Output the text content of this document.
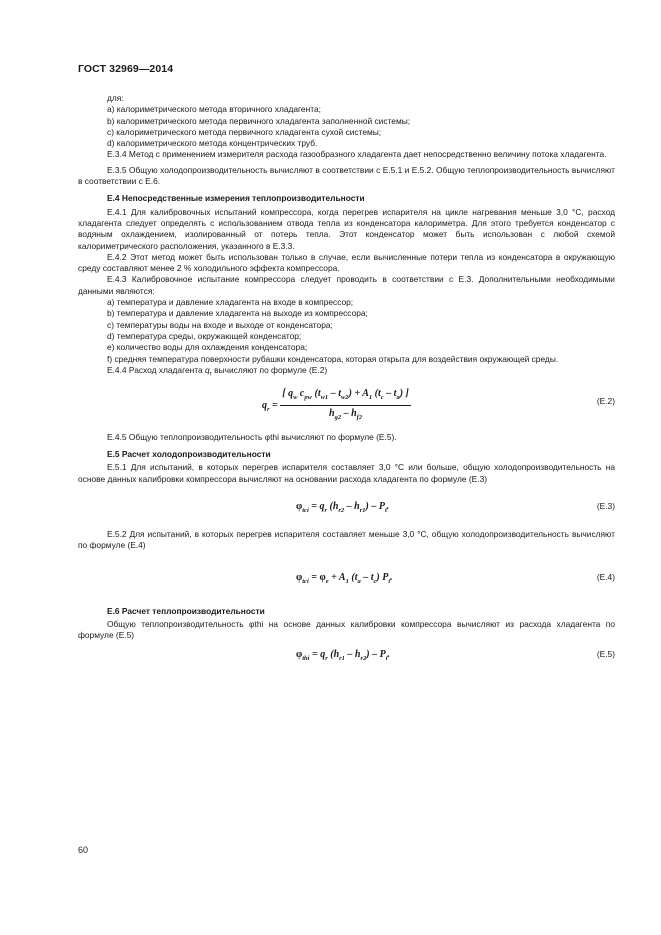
ГОСТ 32969—2014

для:

a) калориметрического метода вторичного хладагента;

b) калориметрического метода первичного хладагента заполненной системы;

c) калориметрического метода первичного хладагента сухой системы;

d) калориметрического метода концентрических труб.

E.3.4 Метод с применением измерителя расхода газообразного хладагента дает непосредственно величину потока хладагента.

E.3.5 Общую холодопроизводительность вычисляют в соответствии с E.5.1 и E.5.2. Общую теплопроизводительность вычисляют в соответствии с E.6.

E.4 Непосредственные измерения теплопроизводительности

E.4.1 Для калибровочных испытаний компрессора, когда перегрев испарителя на цикле нагревания меньше 3,0 °С, расход хладагента следует определять с использованием отвода тепла из конденсатора калориметра. Для этого требуется конденсатор с водяным охлаждением, изолированный от потерь тепла. Этот конденсатор может быть использован с любой схемой калориметрического расположения, указанного в E.3.3.

E.4.2 Этот метод может быть использован только в случае, если вычисленные потери тепла из конденсатора в окружающую среду составляют менее 2 % холодильного эффекта компрессора.

E.4.3 Калибровочное испытание компрессора следует проводить в соответствии с E.3. Дополнительными необходимыми данными являются:

a) температура и давление хладагента на входе в компрессор;

b) температура и давление хладагента на выходе из компрессора;

c) температуры воды на входе и выходе от конденсатора;

d) температура среды, окружающей конденсатор;

e) количество воды для охлаждения конденсатора;

f) средняя температура поверхности рубашки конденсатора, которая открыта для воздействия окружающей среды.

E.4.4 Расход хладагента $q_r$ вычисляют по формуле (E.2)

$q_r = \frac{[ q_w c_{pw} (t_{w1} - t_{w2}) + A_1 (t_c - t_a) ]}{h_{g2} - h_{f2}}$	(E.2)

E.4.5 Общую теплопроизводительность φthi вычисляют по формуле (E.5).

E.5 Расчет холодопроизводительности

E.5.1 Для испытаний, в которых перегрев испарителя составляет 3,0 °С или больше, общую холодопроизводительность на основе данных калибровки компрессора вычисляют на основании расхода хладагента по формуле (E.3)

$\varphi_{tci} = q_r$ $(h_{r2} - h_{r1}) - P_t$.	(E.3)

E.5.2 Для испытаний, в которых перегрев испарителя составляет меньше 3,0 °С, общую холодопроизводительность вычисляют по формуле (E.4)

$\varphi_{tci} = \varphi_e + A_1$ $(t_a - t_c)$ $P_t$.	(E.4)

E.6 Расчет теплопроизводительности

Общую теплопроизводительность φthi на основе данных калибровки компрессора вычисляют из расхода хладагента по формуле (E.5)

$\varphi_{thi} = q_r$ $(h_{r1} - h_{r2}) - P_t$.	(E.5)
60
